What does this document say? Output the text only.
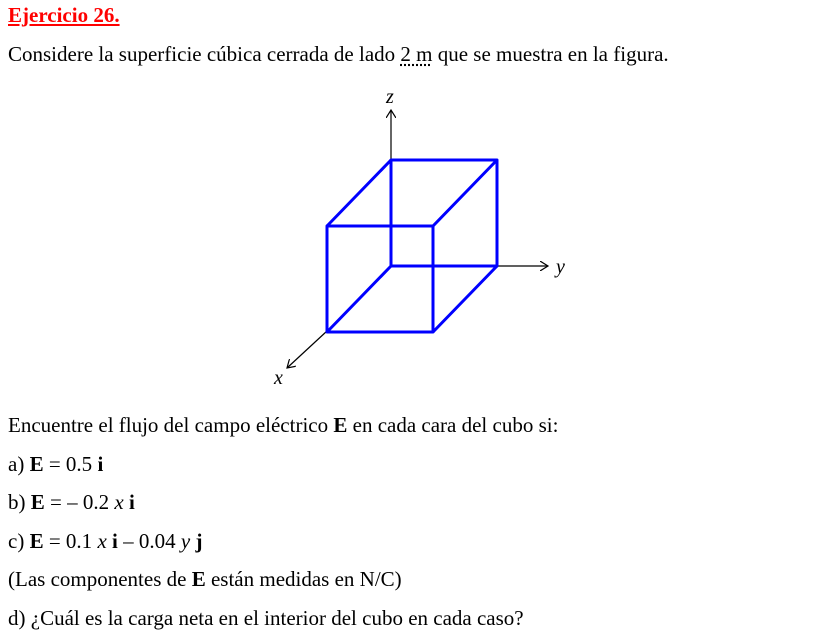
Ejercicio 26.
Considere la superficie cúbica cerrada de lado 2 m que se muestra en la figura.
z
y
x
Encuentre el flujo del campo eléctrico E en cada cara del cubo si:
a) E = 0.5 i
b) E = – 0.2 x i
c) E = 0.1 x i – 0.04 y j
(Las componentes de E están medidas en N/C)
d) ¿Cuál es la carga neta en el interior del cubo en cada caso?
